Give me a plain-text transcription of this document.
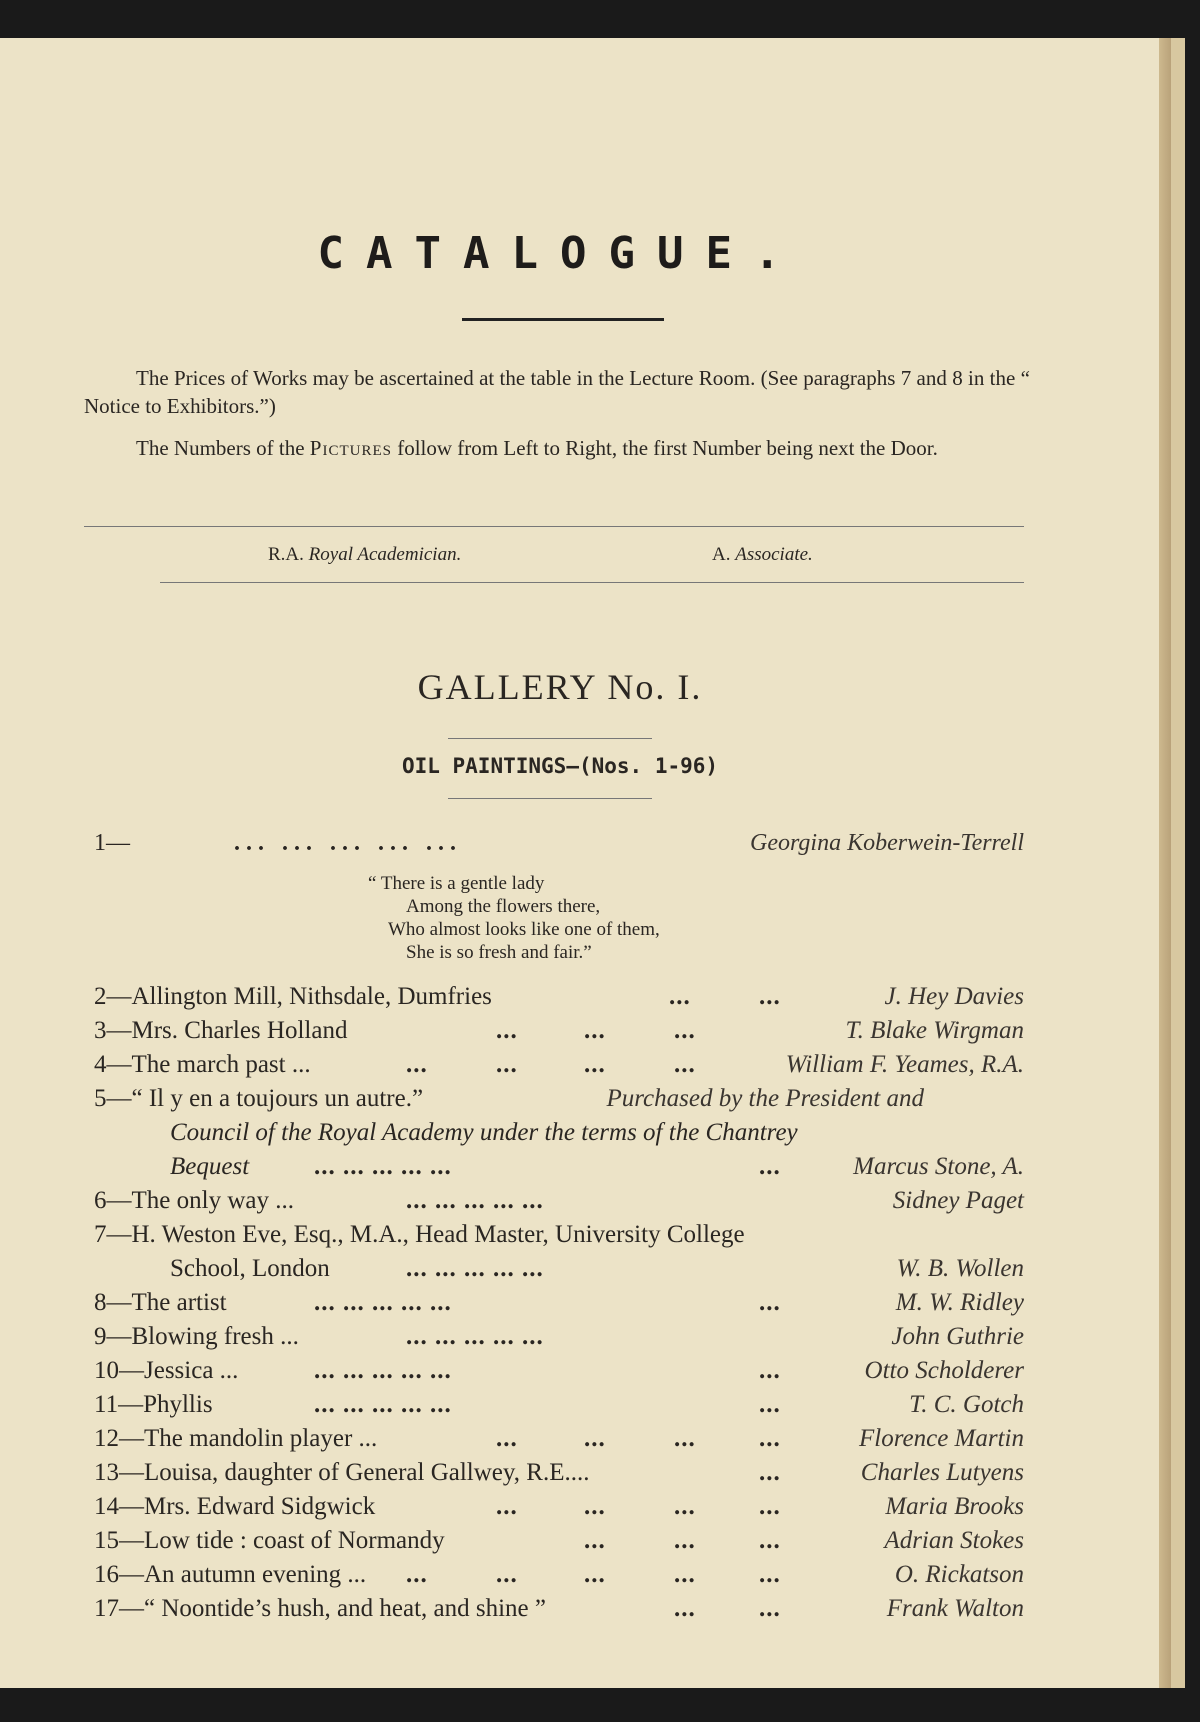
CATALOGUE.
The Prices of Works may be ascertained at the table in the Lecture Room. (See paragraphs 7 and 8 in the “ Notice to Exhibitors.”)
The Numbers of the Pictures follow from Left to Right, the first Number being next the Door.
R.A. Royal Academician.	A. Associate.
GALLERY No. I.
OIL PAINTINGS—(Nos. 1-96)
1—	... ... ... ... ...	Georgina Koberwein-Terrell
“ There is a gentle lady
Among the flowers there,
Who almost looks like one of them,
She is so fresh and fair.”
2—Allington Mill, Nithsdale, Dumfries	...	...	J. Hey Davies
3—Mrs. Charles Holland	...	...	...	T. Blake Wirgman
4—The march past ...	...	...	...	...	William F. Yeames, R.A.
5—“ Il y en a toujours un autre.”	Purchased by the President and
Council of the Royal Academy under the terms of the Chantrey
Bequest	... ... ... ... ...	...	Marcus Stone, A.
6—The only way ...	... ... ... ... ...	Sidney Paget
7—H. Weston Eve, Esq., M.A., Head Master, University College
School, London	... ... ... ... ...	W. B. Wollen
8—The artist	... ... ... ... ...	...	M. W. Ridley
9—Blowing fresh ...	... ... ... ... ...	John Guthrie
10—Jessica ...	... ... ... ... ...	...	Otto Scholderer
11—Phyllis	... ... ... ... ...	...	T. C. Gotch
12—The mandolin player ...	...	...	...	...	Florence Martin
13—Louisa, daughter of General Gallwey, R.E....	...	Charles Lutyens
14—Mrs. Edward Sidgwick	...	...	...	...	Maria Brooks
15—Low tide : coast of Normandy	...	...	...	Adrian Stokes
16—An autumn evening ... ...	...	...	...	...	O. Rickatson
17—“ Noontide’s hush, and heat, and shine ”	...	...	Frank Walton
